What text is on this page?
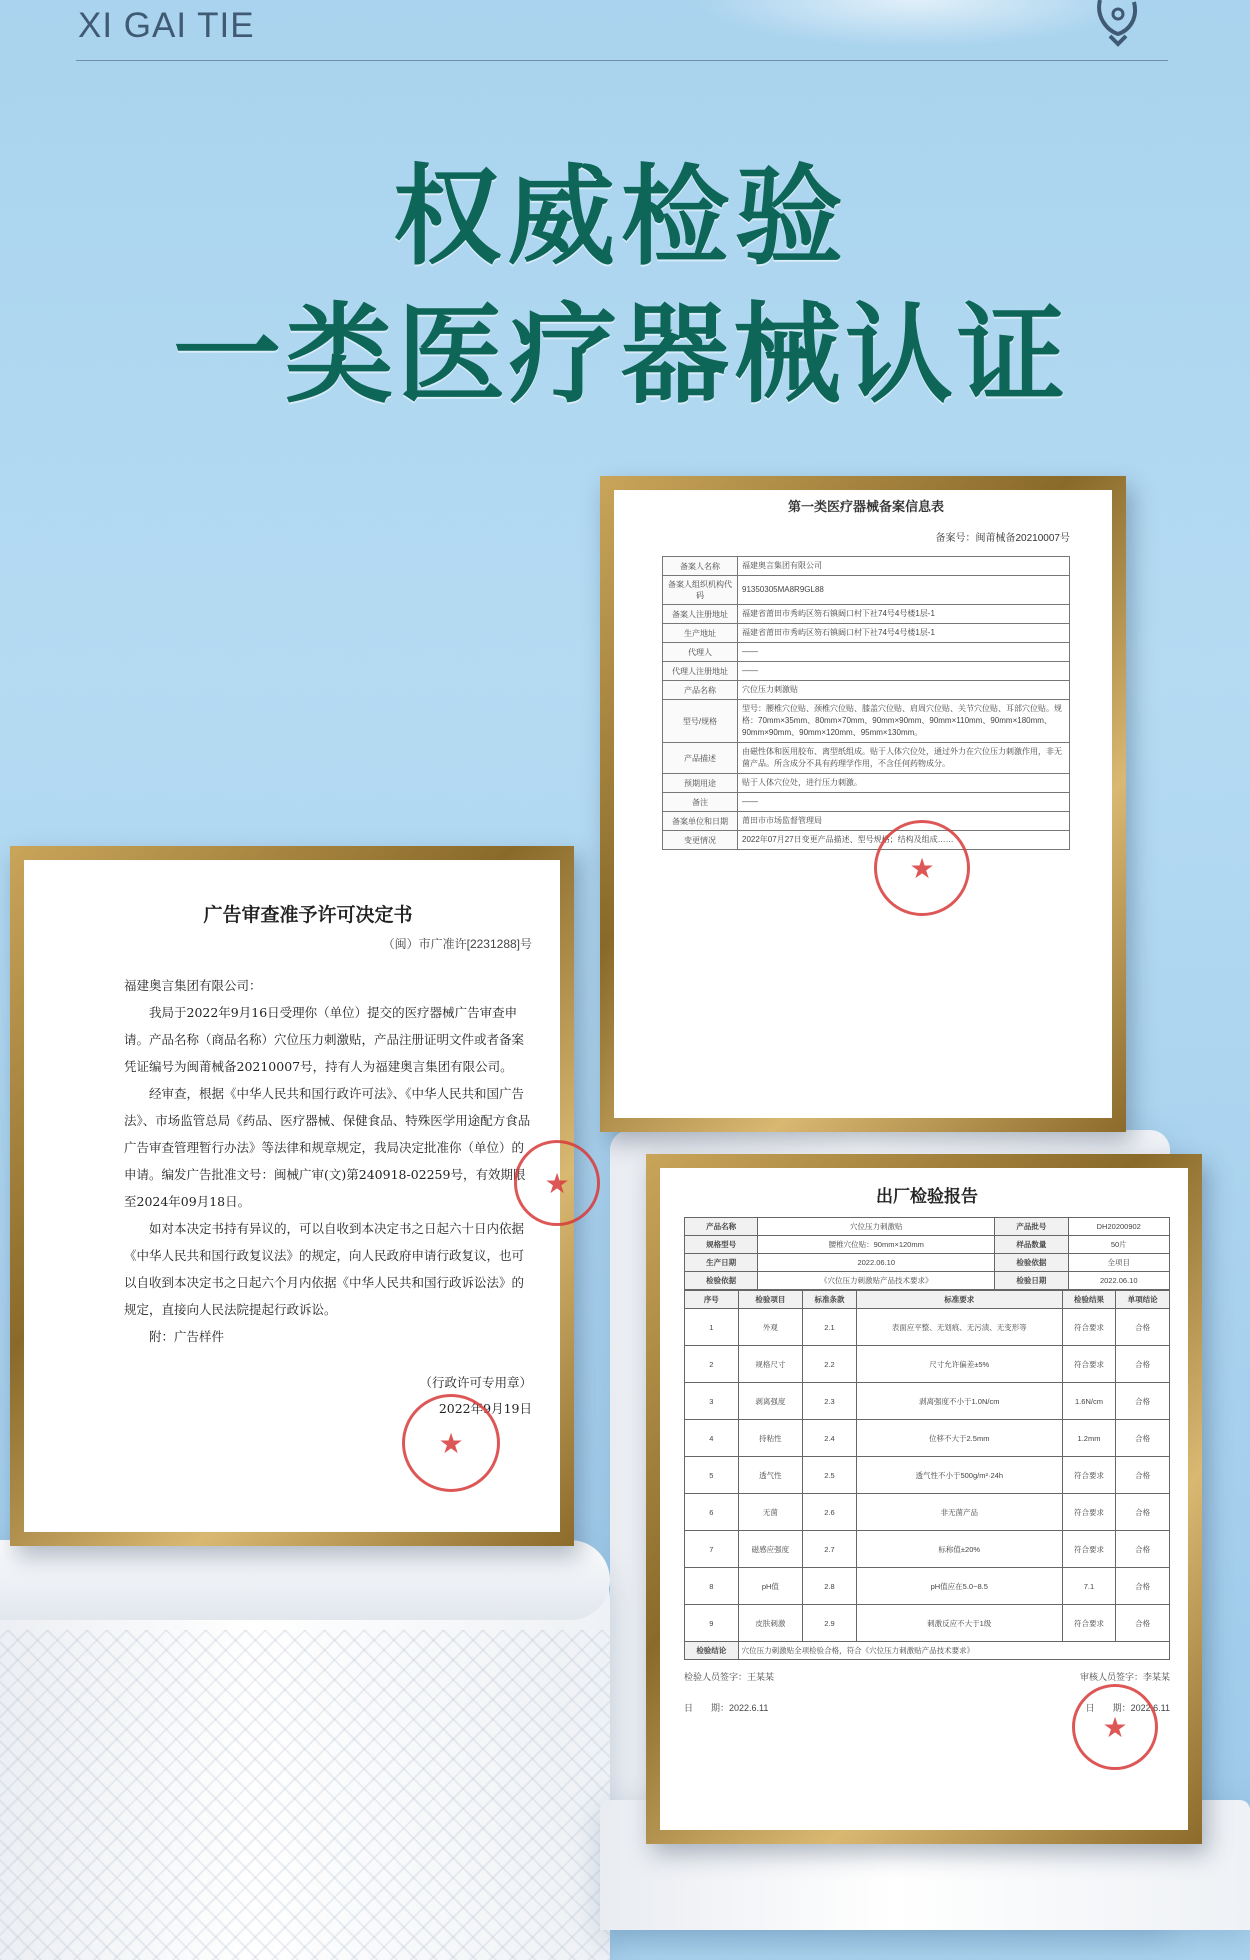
XI GAI TIE
权威检验
一类医疗器械认证
第一类医疗器械备案信息表
备案号：闽莆械备20210007号
备案人名称	福建奥言集团有限公司
备案人组织机构代码	91350305MA8R9GL88
备案人注册地址	福建省莆田市秀屿区笏石镇阔口村下社74号4号楼1层-1
生产地址	福建省莆田市秀屿区笏石镇阔口村下社74号4号楼1层-1
代理人	——
代理人注册地址	——
产品名称	穴位压力刺激贴
型号/规格	型号：腰椎穴位贴、颈椎穴位贴、膝盖穴位贴、肩周穴位贴、关节穴位贴、耳部穴位贴。规格：70mm×35mm、80mm×70mm、90mm×90mm、90mm×110mm、90mm×180mm、90mm×90mm、90mm×120mm、95mm×130mm。
产品描述	由磁性体和医用胶布、离型纸组成。贴于人体穴位处，通过外力在穴位压力刺激作用，非无菌产品。所含成分不具有药理学作用，不含任何药物成分。
预期用途	贴于人体穴位处，进行压力刺激。
备注	——
备案单位和日期	莆田市市场监督管理局
变更情况	2022年07月27日变更产品描述、型号规格；结构及组成……
★
广告审查准予许可决定书
（闽）市广准许[2231288]号

福建奥言集团有限公司：

我局于2022年9月16日受理你（单位）提交的医疗器械广告审查申请。产品名称（商品名称）穴位压力刺激贴，产品注册证明文件或者备案凭证编号为闽莆械备20210007号，持有人为福建奥言集团有限公司。

经审查，根据《中华人民共和国行政许可法》、《中华人民共和国广告法》、市场监管总局《药品、医疗器械、保健食品、特殊医学用途配方食品广告审查管理暂行办法》等法律和规章规定，我局决定批准你（单位）的申请。编发广告批准文号：闽械广审(文)第240918-02259号，有效期限至2024年09月18日。

如对本决定书持有异议的，可以自收到本决定书之日起六十日内依据《中华人民共和国行政复议法》的规定，向人民政府申请行政复议，也可以自收到本决定书之日起六个月内依据《中华人民共和国行政诉讼法》的规定，直接向人民法院提起行政诉讼。

附：广告样件

（行政许可专用章）
2022年9月19日
★
★	出厂检验报告
产品名称	穴位压力刺激贴	产品批号	DH20200902
规格型号	腰椎穴位贴：90mm×120mm	样品数量	50片
生产日期	2022.06.10	检验依据	全项目
检验依据	《穴位压力刺激贴产品技术要求》	检验日期	2022.06.10
序号	检验项目	标准条款	标准要求	检验结果	单项结论
1	外观	2.1	表面应平整、无划痕、无污渍、无变形等	符合要求	合格
2	规格尺寸	2.2	尺寸允许偏差±5%	符合要求	合格
3	剥离强度	2.3	剥离强度不小于1.0N/cm	1.6N/cm	合格
4	持粘性	2.4	位移不大于2.5mm	1.2mm	合格
5	透气性	2.5	透气性不小于500g/m²·24h	符合要求	合格
6	无菌	2.6	非无菌产品	符合要求	合格
7	磁感应强度	2.7	标称值±20%	符合要求	合格
8	pH值	2.8	pH值应在5.0~8.5	7.1	合格
9	皮肤刺激	2.9	刺激反应不大于1级	符合要求	合格
检验结论	穴位压力刺激贴全项检验合格，符合《穴位压力刺激贴产品技术要求》				
检验人员签字：王某某	审核人员签字：李某某
日　　期：2022.6.11	日　　期：2022.6.11
★
